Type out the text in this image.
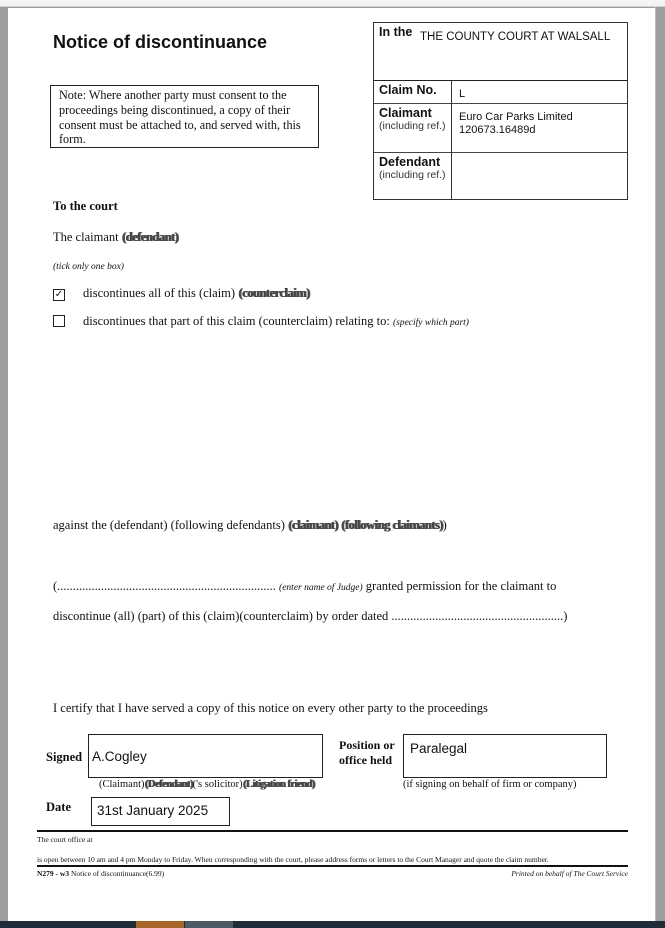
Notice of discontinuance
Note: Where another party must consent to the proceedings being discontinued, a copy of their consent must be attached to, and served with, this form.
In the THE COUNTY COURT AT WALSALL
Claim No. L
Claimant
(including ref.)
Euro Car Parks Limited
120673.16489d
Defendant
(including ref.)
To the court
The claimant (defendant)
(tick only one box)
✓ discontinues all of this (claim) (counterclaim)
discontinues that part of this claim (counterclaim) relating to: (specify which part)
against the (defendant) (following defendants) (claimant) (following claimants))
(...................................................................... (enter name of Judge) granted permission for the claimant to
discontinue (all) (part) of this (claim)(counterclaim) by order dated .......................................................)
I certify that I have served a copy of this notice on every other party to the proceedings
Signed A.Cogley
(Claimant)(Defendant)('s solicitor)(Litigation friend)
Position or
office held
Paralegal
(if signing on behalf of firm or company)
Date	31st January 2025
The court office at
is open between 10 am and 4 pm Monday to Friday. When corresponding with the court, please address forms or letters to the Court Manager and quote the claim number.
N279 - w3 Notice of discontinuance(6.99)	Printed on behalf of The Court Service
